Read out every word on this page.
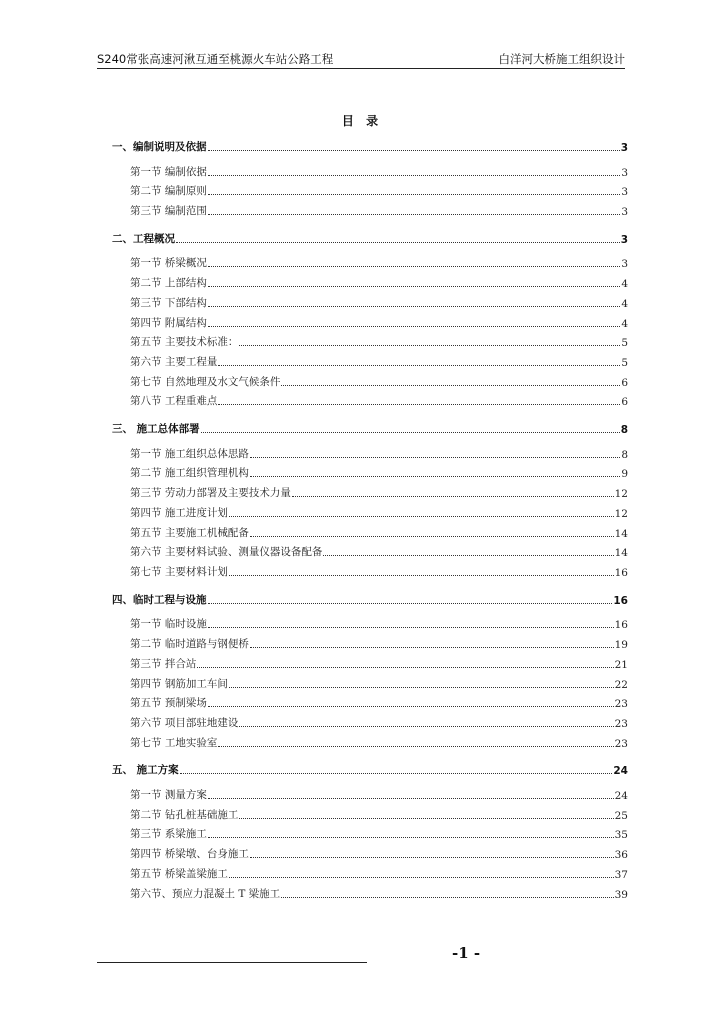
S240常张高速河湫互通至桃源火车站公路工程	白洋河大桥施工组织设计
目 录
一、编制说明及依据	3
第一节 编制依据	3
第二节 编制原则	3
第三节 编制范围	3
二、工程概况	3
第一节 桥梁概况	3
第二节 上部结构	4
第三节 下部结构	4
第四节 附属结构	4
第五节 主要技术标准：	5
第六节 主要工程量	5
第七节 自然地理及水文气候条件	6
第八节 工程重难点	6
三、 施工总体部署	8
第一节 施工组织总体思路	8
第二节 施工组织管理机构	9
第三节 劳动力部署及主要技术力量	12
第四节 施工进度计划	12
第五节 主要施工机械配备	14
第六节 主要材料试验、测量仪器设备配备	14
第七节 主要材料计划	16
四、临时工程与设施	16
第一节 临时设施	16
第二节 临时道路与钢便桥	19
第三节 拌合站	21
第四节 钢筋加工车间	22
第五节 预制梁场	23
第六节 项目部驻地建设	23
第七节 工地实验室	23
五、 施工方案	24
第一节 测量方案	24
第二节 钻孔桩基础施工	25
第三节 系梁施工	35
第四节 桥梁墩、台身施工	36
第五节 桥梁盖梁施工	37
第六节、预应力混凝土 T 梁施工	39
-1 -
